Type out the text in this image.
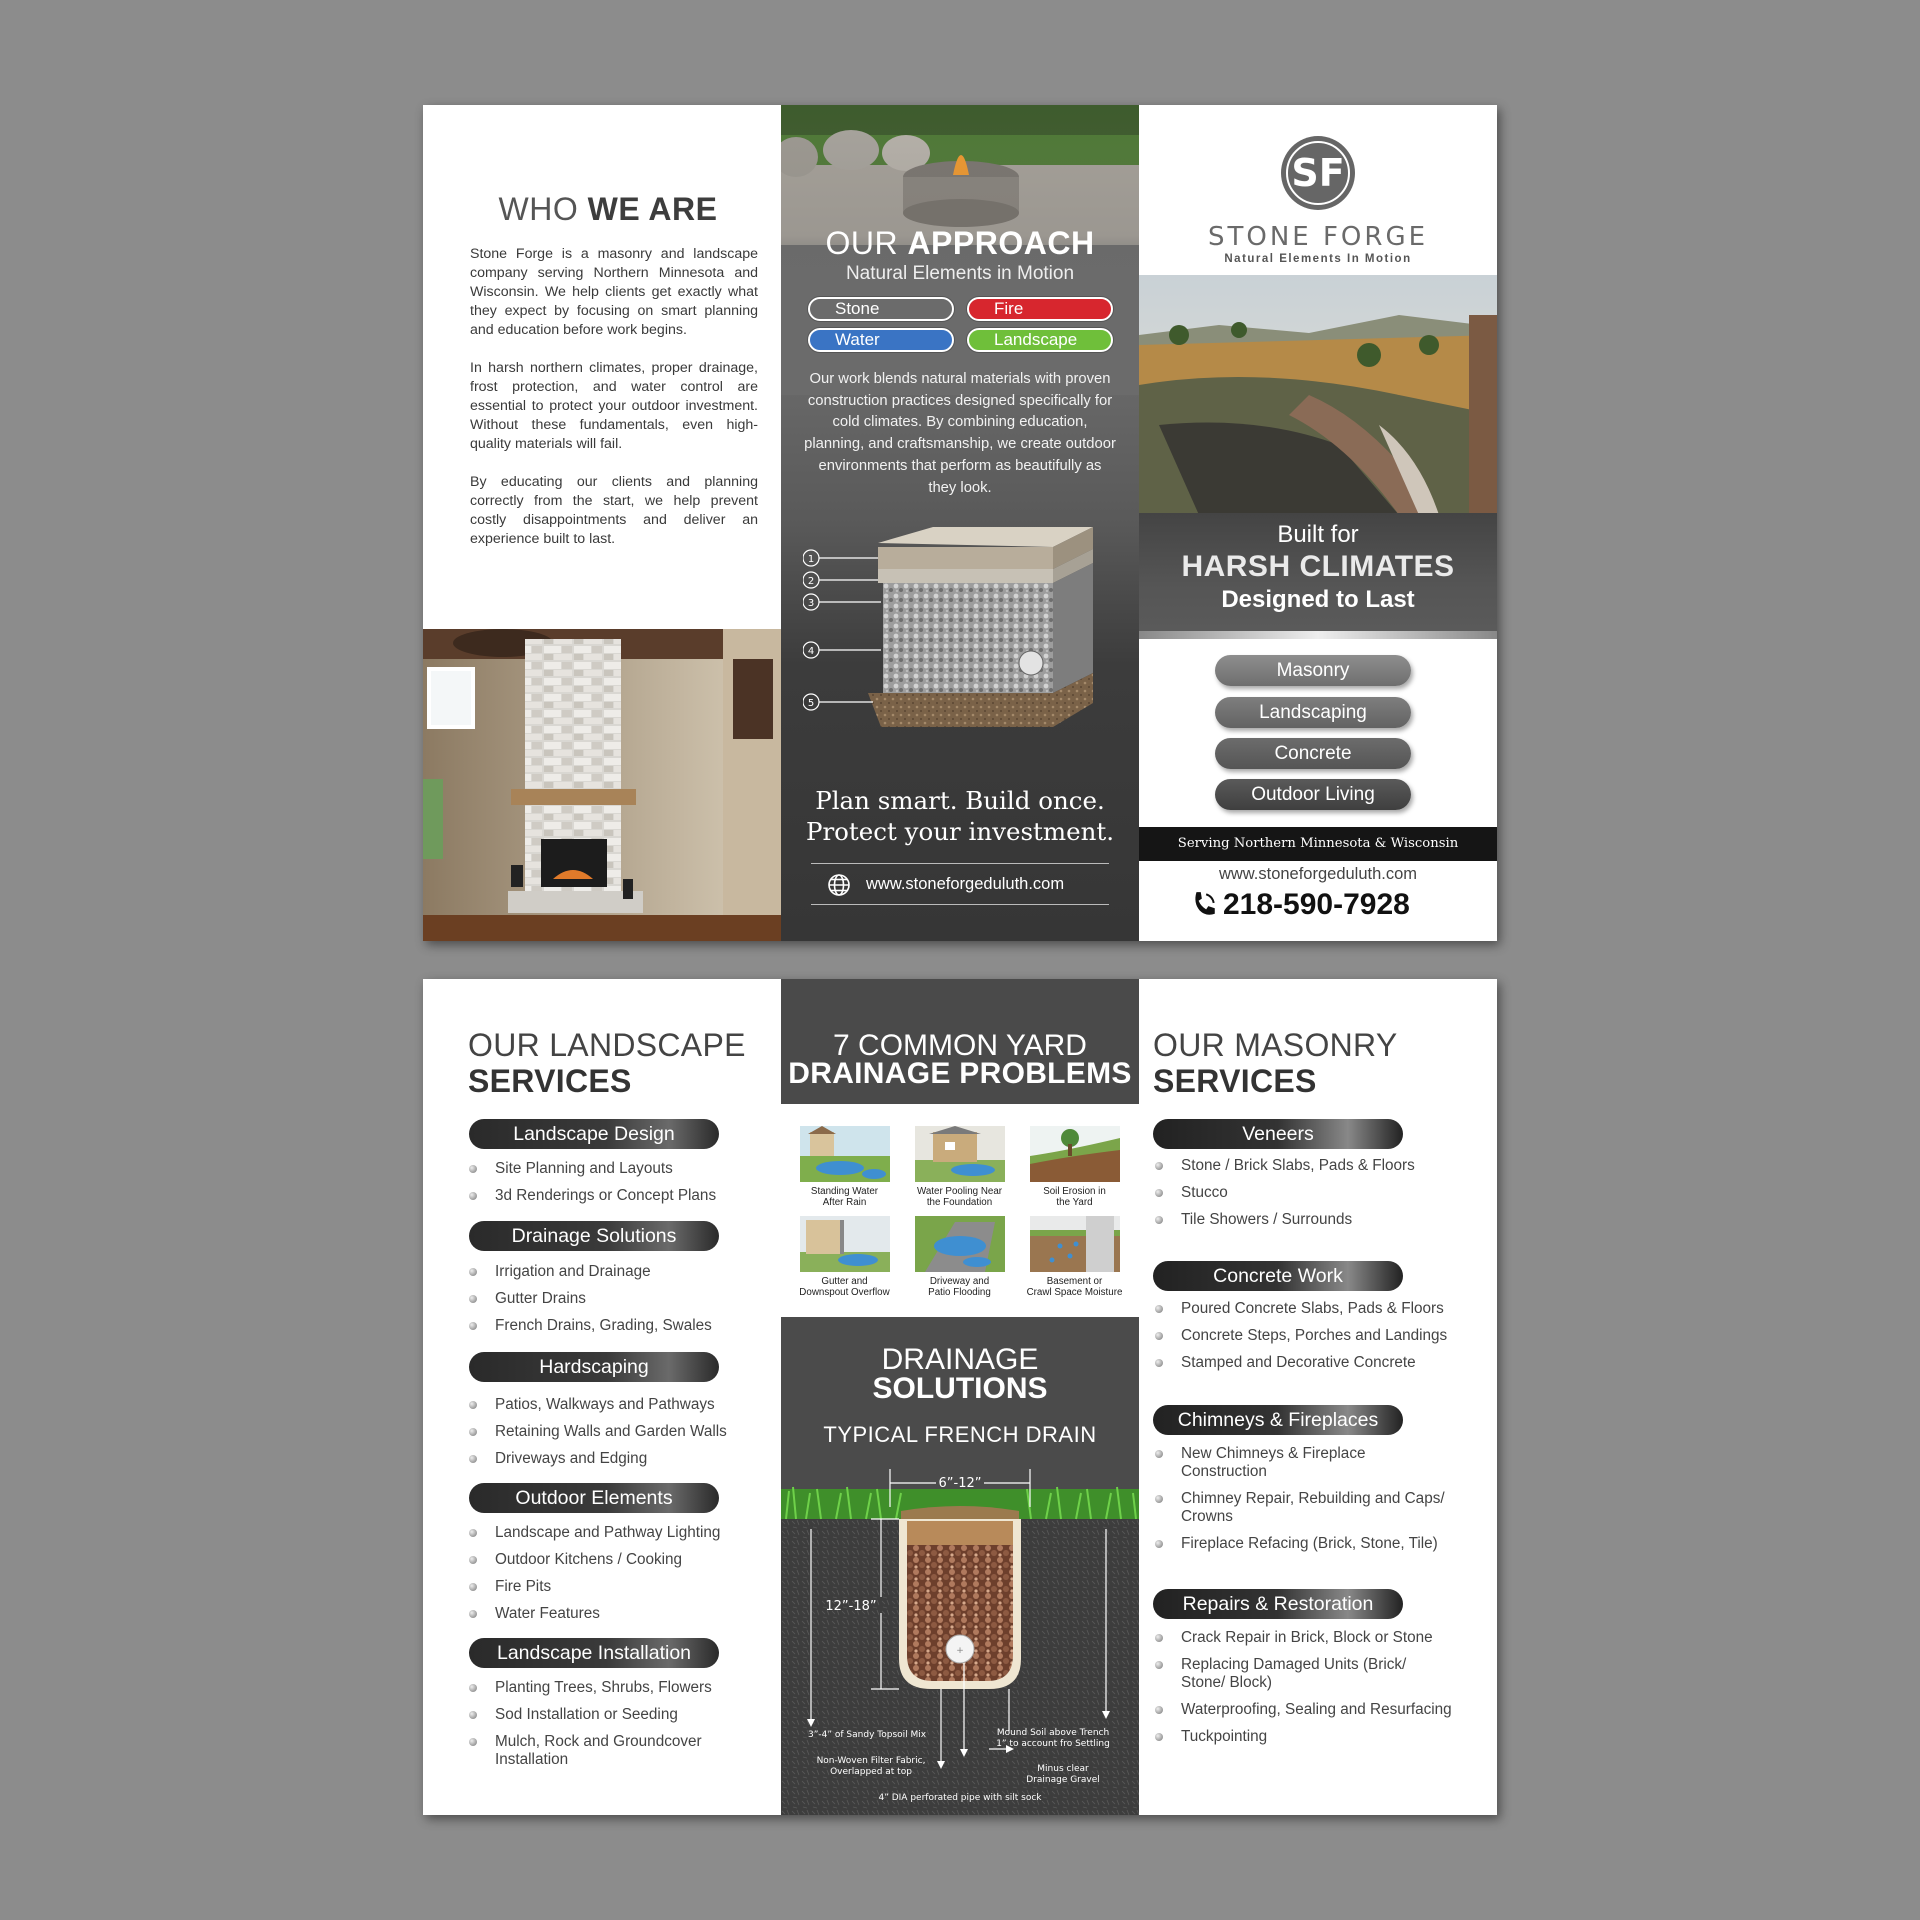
WHO WE ARE

Stone Forge is a masonry and landscape company serving Northern Minnesota and Wisconsin. We help clients get exactly what they expect by focusing on smart planning and education before work begins.

In harsh northern climates, proper drainage, frost protection, and water control are essential to protect your outdoor investment. Without these fundamentals, even high-quality materials will fail.

By educating our clients and planning correctly from the start, we help prevent costly disappointments and deliver an experience built to last.

OUR APPROACH
Natural Elements in Motion
Stone	Fire
Water	Landscape
Our work blends natural materials with proven construction practices designed specifically for cold climates. By combining education, planning, and craftsmanship, we create outdoor environments that perform as beautifully as they look.
1
2
3
4
5
Plan smart. Build once.
Protect your investment.
www.stoneforgeduluth.com
SF
STONE FORGE
Natural Elements In Motion
Built for
HARSH CLIMATES
Designed to Last
Masonry
Landscaping
Concrete
Outdoor Living
Serving Northern Minnesota & Wisconsin
www.stoneforgeduluth.com
218-590-7928
OUR LANDSCAPE
SERVICES
Landscape Design
Site Planning and Layouts
3d Renderings or Concept Plans
Drainage Solutions
Irrigation and Drainage
Gutter Drains
French Drains, Grading, Swales
Hardscaping
Patios, Walkways and Pathways
Retaining Walls and Garden Walls
Driveways and Edging
Outdoor Elements
Landscape and Pathway Lighting
Outdoor Kitchens / Cooking
Fire Pits
Water Features
Landscape Installation
Planting Trees, Shrubs, Flowers
Sod Installation or Seeding
Mulch, Rock and Groundcover Installation
7 COMMON YARD
DRAINAGE PROBLEMS
Standing Water
After Rain
Water Pooling Near
the Foundation
Soil Erosion in
the Yard
Gutter and
Downspout Overflow
Driveway and
Patio Flooding
Basement or
Crawl Space Moisture
DRAINAGE
SOLUTIONS
TYPICAL FRENCH DRAIN
+
6”-12”
12”-18”
3”-4” of Sandy Topsoil Mix
Non-Woven Filter Fabric,
Overlapped at top
Mound Soil above Trench
1” to account fro Settling
Minus clear
Drainage Gravel
4” DIA perforated pipe with silt sock
OUR MASONRY
SERVICES
Veneers
Stone / Brick Slabs, Pads & Floors
Stucco
Tile Showers / Surrounds
Concrete Work
Poured Concrete Slabs, Pads & Floors
Concrete Steps, Porches and Landings
Stamped and Decorative Concrete
Chimneys & Fireplaces
New Chimneys & Fireplace Construction
Chimney Repair, Rebuilding and Caps/ Crowns
Fireplace Refacing (Brick, Stone, Tile)
Repairs & Restoration
Crack Repair in Brick, Block or Stone
Replacing Damaged Units (Brick/ Stone/ Block)
Waterproofing, Sealing and Resurfacing
Tuckpointing
